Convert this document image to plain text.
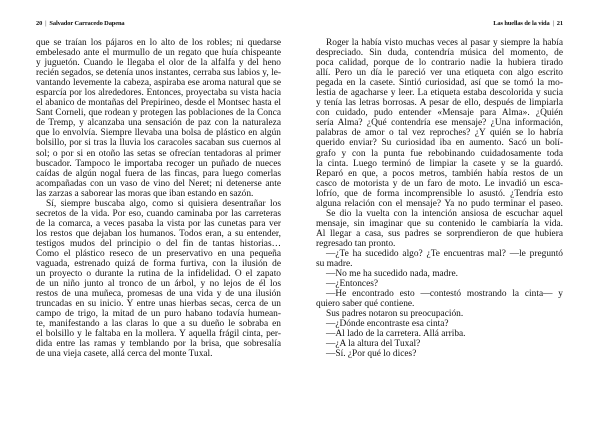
20 | Salvador Carracedo Dapena
que se traían los pájaros en lo alto de los robles; ni quedarse
embelesado ante el murmullo de un regato que huía chispeante
y juguetón. Cuando le llegaba el olor de la alfalfa y del heno
recién segados, se detenía unos instantes, cerraba sus labios y, le-
vantando levemente la cabeza, aspiraba ese aroma natural que se
esparcía por los alrededores. Entonces, proyectaba su vista hacia
el abanico de montañas del Prepirineo, desde el Montsec hasta el
Sant Corneli, que rodean y protegen las poblaciones de la Conca
de Tremp, y alcanzaba una sensación de paz con la naturaleza
que lo envolvía. Siempre llevaba una bolsa de plástico en algún
bolsillo, por si tras la lluvia los caracoles sacaban sus cuernos al
sol; o por si en otoño las setas se ofrecían tentadoras al primer
buscador. Tampoco le importaba recoger un puñado de nueces
caídas de algún nogal fuera de las fincas, para luego comerlas
acompañadas con un vaso de vino del Neret; ni detenerse ante
las zarzas a saborear las moras que iban estando en sazón.
Sí, siempre buscaba algo, como si quisiera desentrañar los
secretos de la vida. Por eso, cuando caminaba por las carreteras
de la comarca, a veces pasaba la vista por las cunetas para ver
los restos que dejaban los humanos. Todos eran, a su entender,
testigos mudos del principio o del fin de tantas historias…
Como el plástico reseco de un preservativo en una pequeña
vaguada, estrenado quizá de forma furtiva, con la ilusión de
un proyecto o durante la rutina de la infidelidad. O el zapato
de un niño junto al tronco de un árbol, y no lejos de él los
restos de una muñeca, promesas de una vida y de una ilusión
truncadas en su inicio. Y entre unas hierbas secas, cerca de un
campo de trigo, la mitad de un puro habano todavía humean-
te, manifestando a las claras lo que a su dueño le sobraba en
el bolsillo y le faltaba en la mollera. Y aquella frágil cinta, per-
dida entre las ramas y temblando por la brisa, que sobresalía
de una vieja casete, allá cerca del monte Tuxal.
Las huellas de la vida | 21
Roger la había visto muchas veces al pasar y siempre la había
despreciado. Sin duda, contendría música del momento, de
poca calidad, porque de lo contrario nadie la hubiera tirado
allí. Pero un día le pareció ver una etiqueta con algo escrito
pegada en la casete. Sintió curiosidad, así que se tomó la mo-
lestia de agacharse y leer. La etiqueta estaba descolorida y sucia
y tenía las letras borrosas. A pesar de ello, después de limpiarla
con cuidado, pudo entender «Mensaje para Alma». ¿Quién
sería Alma? ¿Qué contendría ese mensaje? ¿Una información,
palabras de amor o tal vez reproches? ¿Y quién se lo habría
querido enviar? Su curiosidad iba en aumento. Sacó un bolí-
grafo y con la punta fue rebobinando cuidadosamente toda
la cinta. Luego terminó de limpiar la casete y se la guardó.
Reparó en que, a pocos metros, también había restos de un
casco de motorista y de un faro de moto. Le invadió un esca-
lofrío, que de forma incomprensible lo asustó. ¿Tendría esto
alguna relación con el mensaje? Ya no pudo terminar el paseo.
Se dio la vuelta con la intención ansiosa de escuchar aquel
mensaje, sin imaginar que su contenido le cambiaría la vida.
Al llegar a casa, sus padres se sorprendieron de que hubiera
regresado tan pronto.
—¿Te ha sucedido algo? ¿Te encuentras mal? —le preguntó
su madre.
—No me ha sucedido nada, madre.
—¿Entonces?
—He encontrado esto —contestó mostrando la cinta— y
quiero saber qué contiene.
Sus padres notaron su preocupación.
—¿Dónde encontraste esa cinta?
—Al lado de la carretera. Allá arriba.
—¿A la altura del Tuxal?
—Sí. ¿Por qué lo dices?
